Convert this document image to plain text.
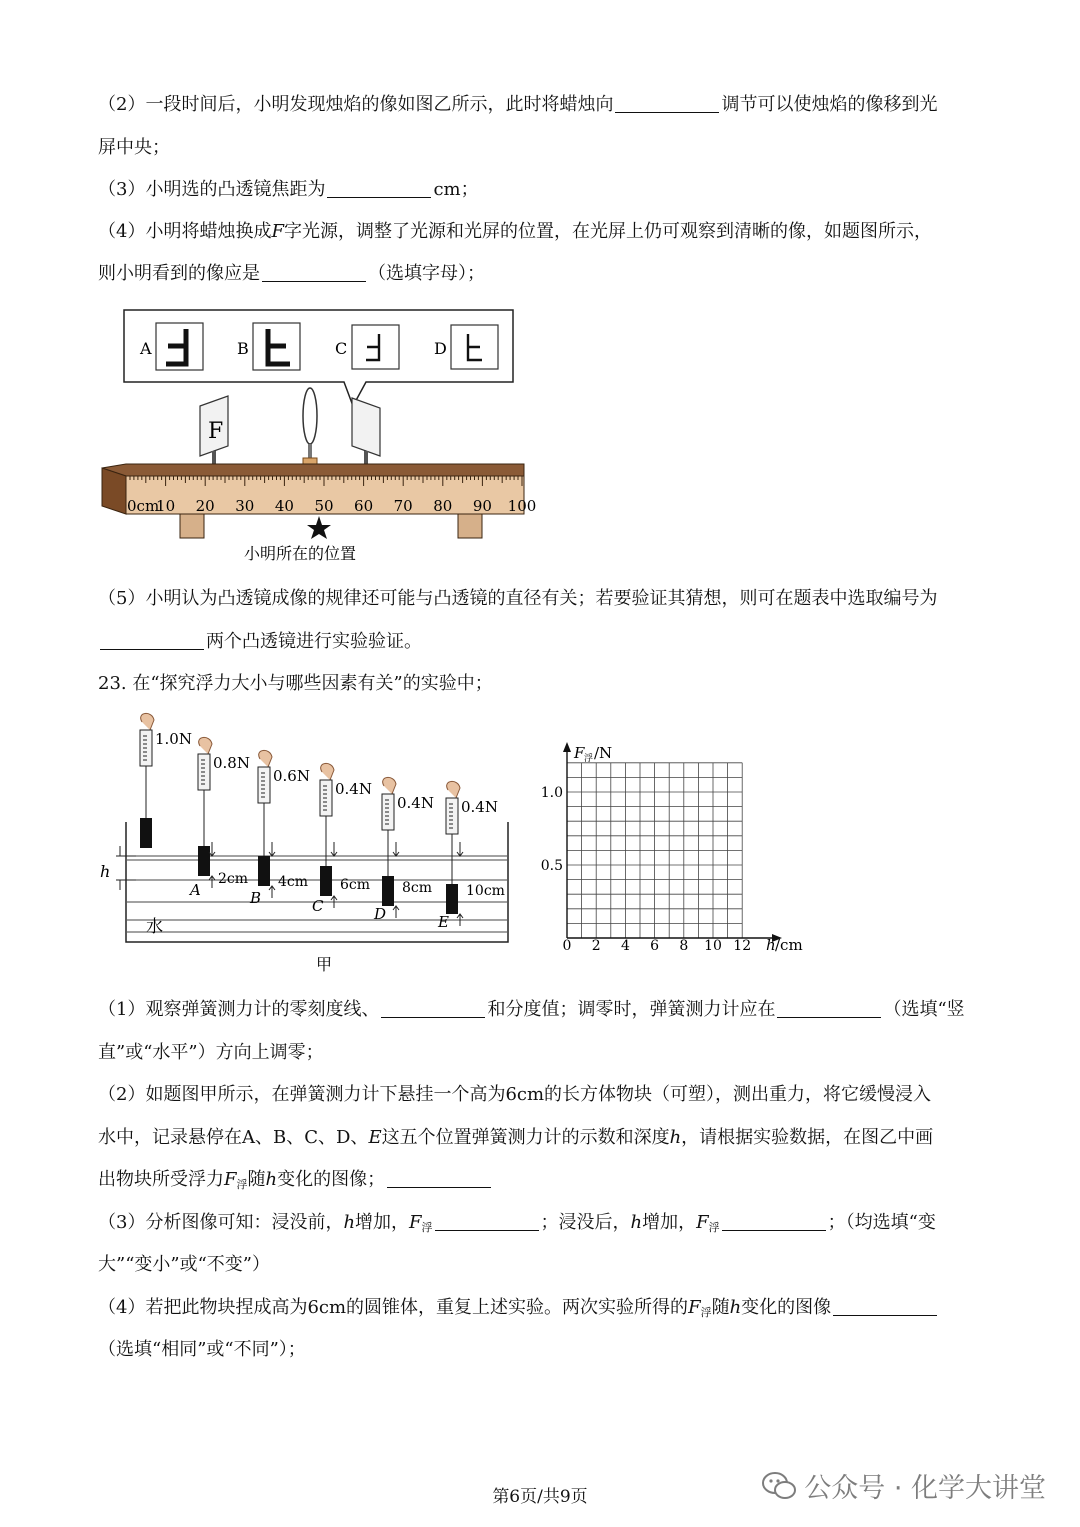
（2）一段时间后，小明发现烛焰的像如图乙所示，此时将蜡烛向	调节可以使烛焰的像移到光
屏中央；
（3）小明选的凸透镜焦距为	cm；
（4）小明将蜡烛换成F字光源，调整了光源和光屏的位置，在光屏上仍可观察到清晰的像，如题图所示，
则小明看到的像应是	（选填字母）；
A	B	C	D
F
0cm
10 20 30 40 50 60 70 80 90 100
小明所在的位置
（5）小明认为凸透镜成像的规律还可能与凸透镜的直径有关；若要验证其猜想，则可在题表中选取编号为
两个凸透镜进行实验验证。
23. 在“探究浮力大小与哪些因素有关”的实验中；
水
h
1.0N
0.8N
2cm
A
0.6N
4cm
B
0.4N
6cm
C
0.4N
8cm
D
0.4N
10cm
E
甲
F 浮 /N
h /cm
0 2 4 6 8 10 12
1.0
0.5
（1）观察弹簧测力计的零刻度线、	和分度值；调零时，弹簧测力计应在	（选填“竖
直”或“水平”）方向上调零；
（2）如题图甲所示，在弹簧测力计下悬挂一个高为6cm的长方体物块（可塑），测出重力，将它缓慢浸入
水中，记录悬停在A、B、C、D、E这五个位置弹簧测力计的示数和深度h，请根据实验数据，在图乙中画
出物块所受浮力$F_浮$随h变化的图像；
（3）分析图像可知：浸没前，h增加，$F_浮$	；浸没后，h增加，$F_浮$	；（均选填“变
大”“变小”或“不变”）
（4）若把此物块捏成高为6cm的圆锥体，重复上述实验。两次实验所得的$F_浮$随h变化的图像
（选填“相同”或“不同”）；
第6页/共9页	公众号 · 化学大讲堂
